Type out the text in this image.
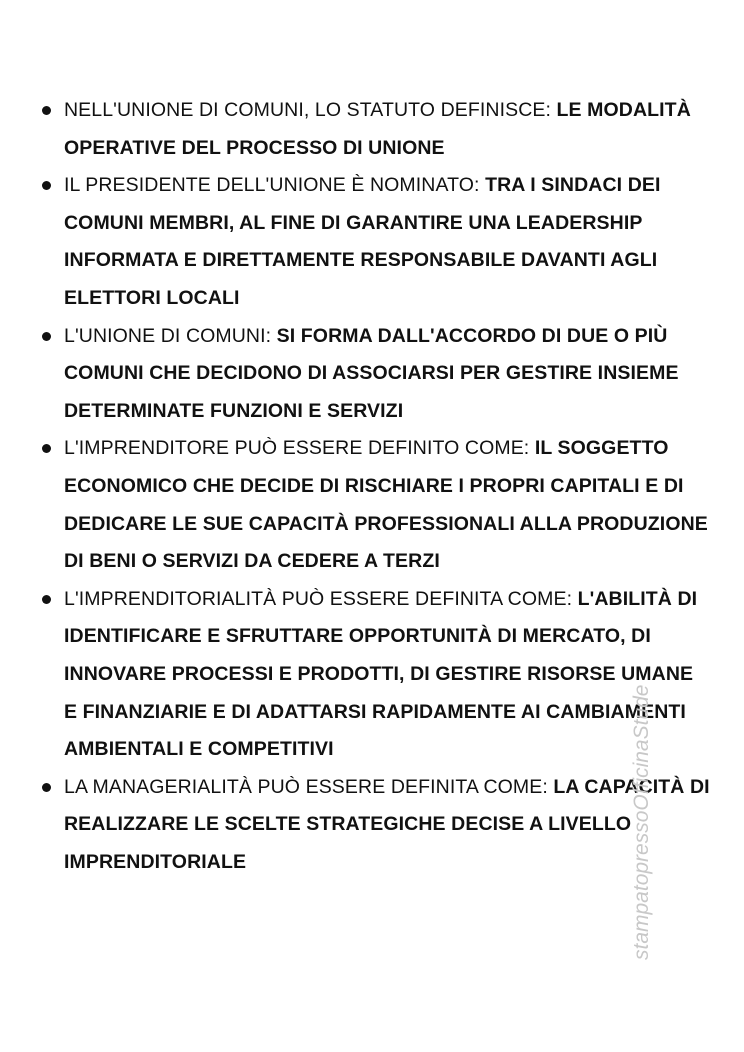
NELL'UNIONE DI COMUNI, LO STATUTO DEFINISCE: LE MODALITÀ OPERATIVE DEL PROCESSO DI UNIONE
IL PRESIDENTE DELL'UNIONE È NOMINATO: TRA I SINDACI DEI COMUNI MEMBRI, AL FINE DI GARANTIRE UNA LEADERSHIP INFORMATA E DIRETTAMENTE RESPONSABILE DAVANTI AGLI ELETTORI LOCALI
L'UNIONE DI COMUNI: SI FORMA DALL'ACCORDO DI DUE O PIÙ COMUNI CHE DECIDONO DI ASSOCIARSI PER GESTIRE INSIEME DETERMINATE FUNZIONI E SERVIZI
L'IMPRENDITORE PUÒ ESSERE DEFINITO COME: IL SOGGETTO ECONOMICO CHE DECIDE DI RISCHIARE I PROPRI CAPITALI E DI DEDICARE LE SUE CAPACITÀ PROFESSIONALI ALLA PRODUZIONE DI BENI O SERVIZI DA CEDERE A TERZI
L'IMPRENDITORIALITÀ PUÒ ESSERE DEFINITA COME: L'ABILITÀ DI IDENTIFICARE E SFRUTTARE OPPORTUNITÀ DI MERCATO, DI INNOVARE PROCESSI E PRODOTTI, DI GESTIRE RISORSE UMANE E FINANZIARIE E DI ADATTARSI RAPIDAMENTE AI CAMBIAMENTI AMBIENTALI E COMPETITIVI
LA MANAGERIALITÀ PUÒ ESSERE DEFINITA COME: LA CAPACITÀ DI REALIZZARE LE SCELTE STRATEGICHE DECISE A LIVELLO IMPRENDITORIALE	stampatopressoOfficinaStude
